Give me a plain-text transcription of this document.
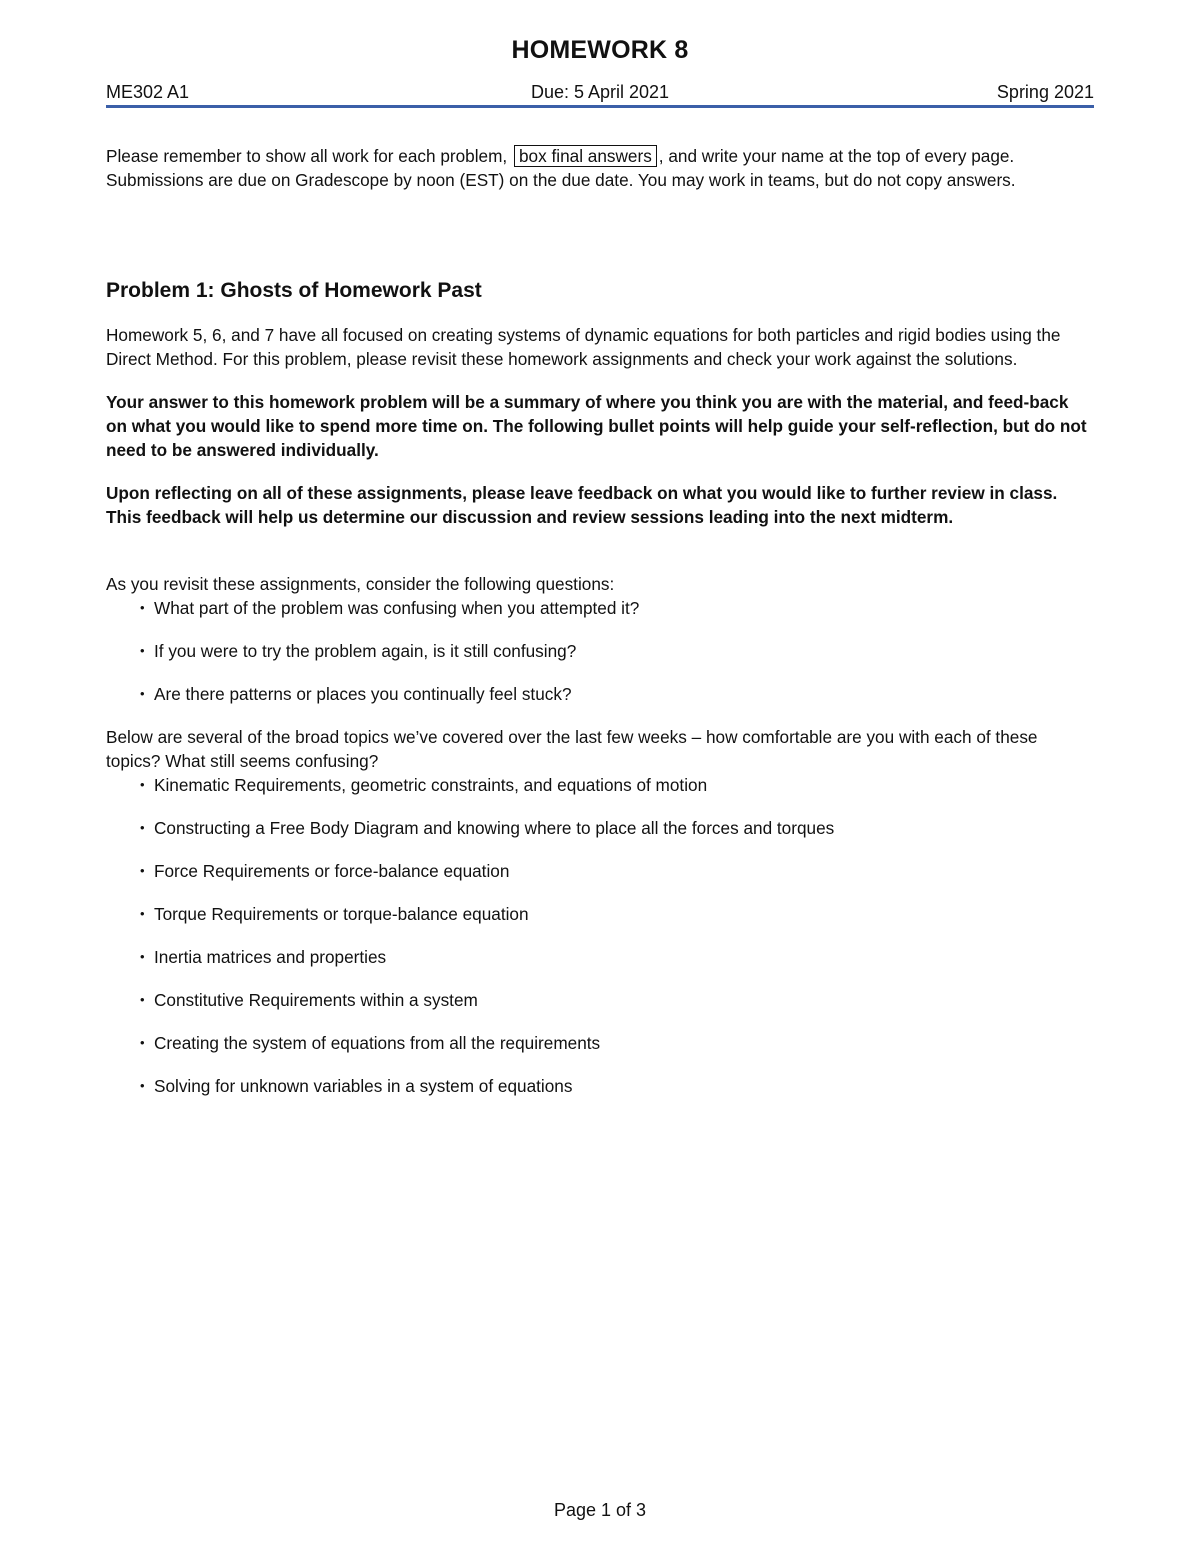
HOMEWORK 8
ME302 A1	Due: 5 April 2021	Spring 2021

Please remember to show all work for each problem, box final answers , and write your name at the top of every page. Submissions are due on Gradescope by noon (EST) on the due date. You may work in teams, but do not copy answers.

Problem 1: Ghosts of Homework Past

Homework 5, 6, and 7 have all focused on creating systems of dynamic equations for both particles and rigid bodies using the Direct Method. For this problem, please revisit these homework assignments and check your work against the solutions.

Your answer to this homework problem will be a summary of where you think you are with the material, and feed-back on what you would like to spend more time on. The following bullet points will help guide your self-reflection, but do not need to be answered individually.

Upon reflecting on all of these assignments, please leave feedback on what you would like to further review in class. This feedback will help us determine our discussion and review sessions leading into the next midterm.

As you revisit these assignments, consider the following questions:

• What part of the problem was confusing when you attempted it?
• If you were to try the problem again, is it still confusing?
• Are there patterns or places you continually feel stuck?

Below are several of the broad topics we’ve covered over the last few weeks – how comfortable are you with each of these topics? What still seems confusing?

• Kinematic Requirements, geometric constraints, and equations of motion
• Constructing a Free Body Diagram and knowing where to place all the forces and torques
• Force Requirements or force-balance equation
• Torque Requirements or torque-balance equation
• Inertia matrices and properties
• Constitutive Requirements within a system
• Creating the system of equations from all the requirements
• Solving for unknown variables in a system of equations
Page 1 of 3
